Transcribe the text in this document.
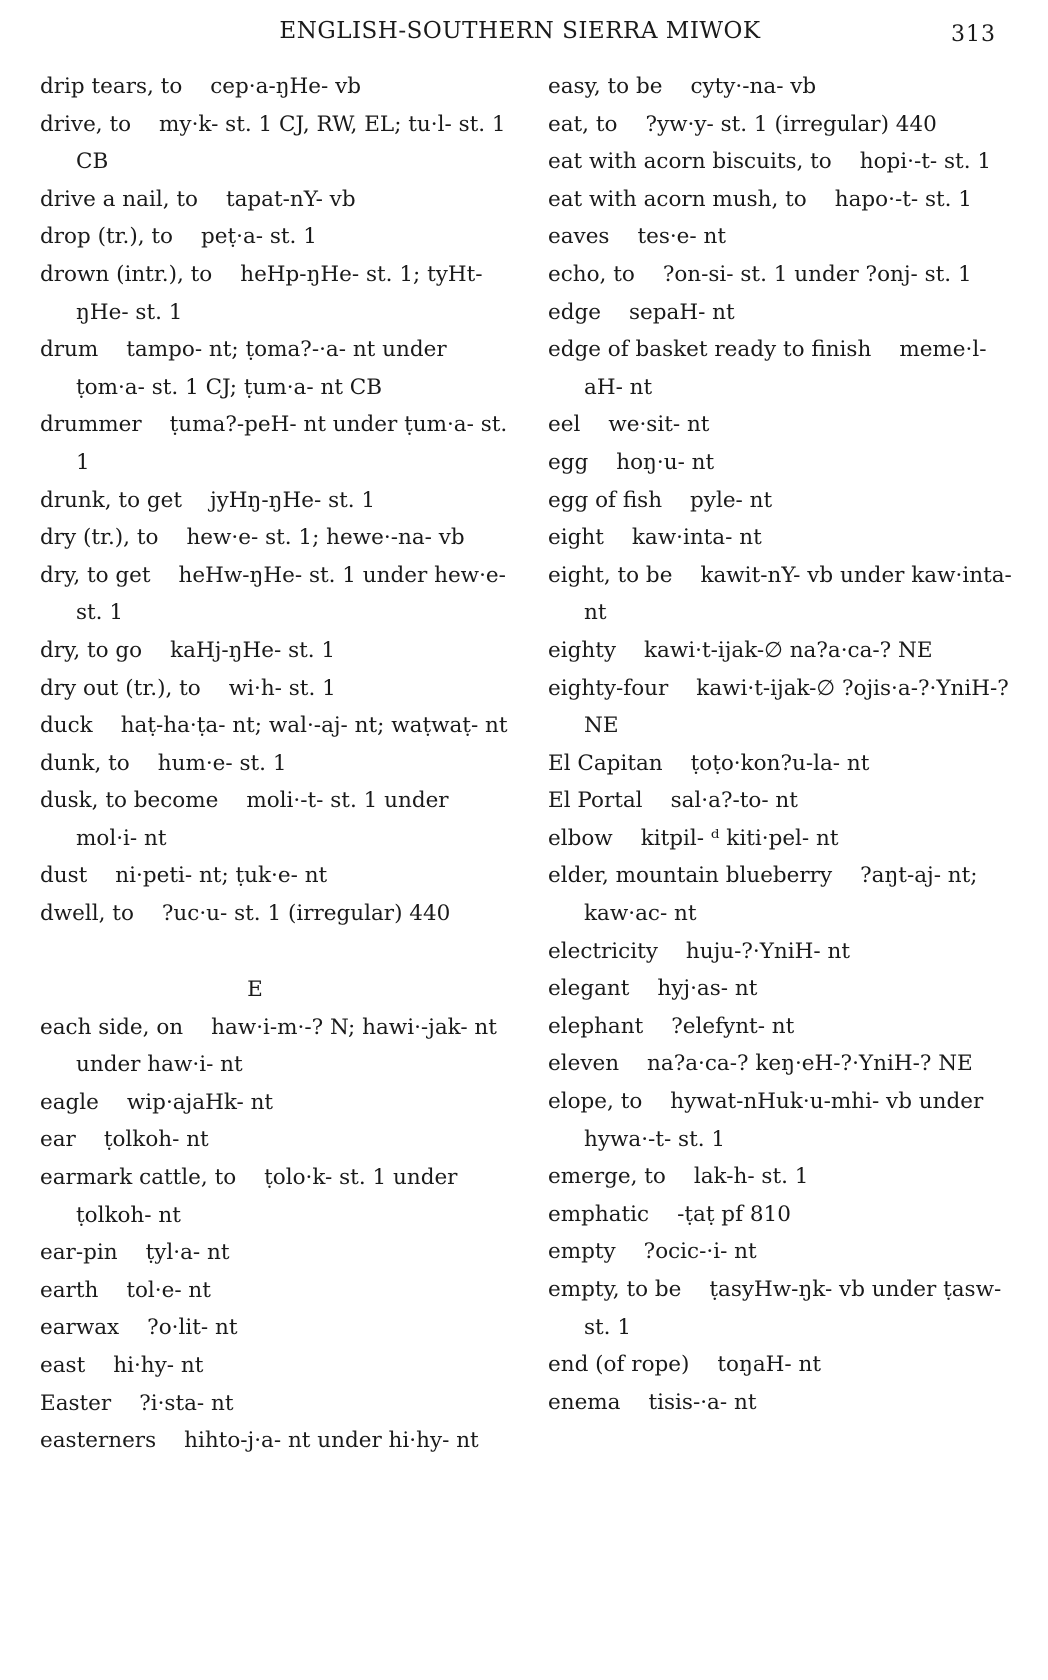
ENGLISH-SOUTHERN SIERRA MIWOK	313
drip tears, to cep·a-ŋHe- vb
drive, to my·k- st. 1 CJ, RW, EL; tu·l- st. 1 CB
drive a nail, to tapat-nY- vb
drop (tr.), to peṭ·a- st. 1
drown (intr.), to heHp-ŋHe- st. 1; tyHt-ŋHe- st. 1
drum tampo- nt; ṭoma?-·a- nt under ṭom·a- st. 1 CJ; ṭum·a- nt CB
drummer ṭuma?-peH- nt under ṭum·a- st. 1
drunk, to get jyHŋ-ŋHe- st. 1
dry (tr.), to hew·e- st. 1; hewe·-na- vb
dry, to get heHw-ŋHe- st. 1 under hew·e- st. 1
dry, to go kaHj-ŋHe- st. 1
dry out (tr.), to wi·h- st. 1
duck haṭ-ha·ṭa- nt; wal·-aj- nt; waṭwaṭ- nt
dunk, to hum·e- st. 1
dusk, to become moli·-t- st. 1 under mol·i- nt
dust ni·peti- nt; ṭuk·e- nt
dwell, to ?uc·u- st. 1 (irregular) 440
E
each side, on haw·i-m·-? N; hawi·-jak- nt under haw·i- nt
eagle wip·ajaHk- nt
ear ṭolkoh- nt
earmark cattle, to ṭolo·k- st. 1 under ṭolkoh- nt
ear-pin ṭyl·a- nt
earth tol·e- nt
earwax ?o·lit- nt
east hi·hy- nt
Easter ?i·sta- nt
easterners hihto-j·a- nt under hi·hy- nt
easy, to be cyty·-na- vb
eat, to ?yw·y- st. 1 (irregular) 440
eat with acorn biscuits, to hopi·-t- st. 1
eat with acorn mush, to hapo·-t- st. 1
eaves tes·e- nt
echo, to ?on-si- st. 1 under ?onj- st. 1
edge sepaH- nt
edge of basket ready to finish meme·l-aH- nt
eel we·sit- nt
egg hoŋ·u- nt
egg of fish pyle- nt
eight kaw·inta- nt
eight, to be kawit-nY- vb under kaw·inta- nt
eighty kawi·t-ijak-∅ na?a·ca-? NE
eighty-four kawi·t-ijak-∅ ?ojis·a-?·YniH-? NE
El Capitan ṭoṭo·kon?u-la- nt
El Portal sal·a?-to- nt
elbow kitpil- ᵈ kiti·pel- nt
elder, mountain blueberry ?aŋt-aj- nt; kaw·ac- nt
electricity huju-?·YniH- nt
elegant hyj·as- nt
elephant ?elefynt- nt
eleven na?a·ca-? keŋ·eH-?·YniH-? NE
elope, to hywat-nHuk·u-mhi- vb under hywa·-t- st. 1
emerge, to lak-h- st. 1
emphatic -ṭaṭ pf 810
empty ?ocic-·i- nt
empty, to be ṭasyHw-ŋk- vb under ṭasw- st. 1
end (of rope) toŋaH- nt
enema tisis-·a- nt
